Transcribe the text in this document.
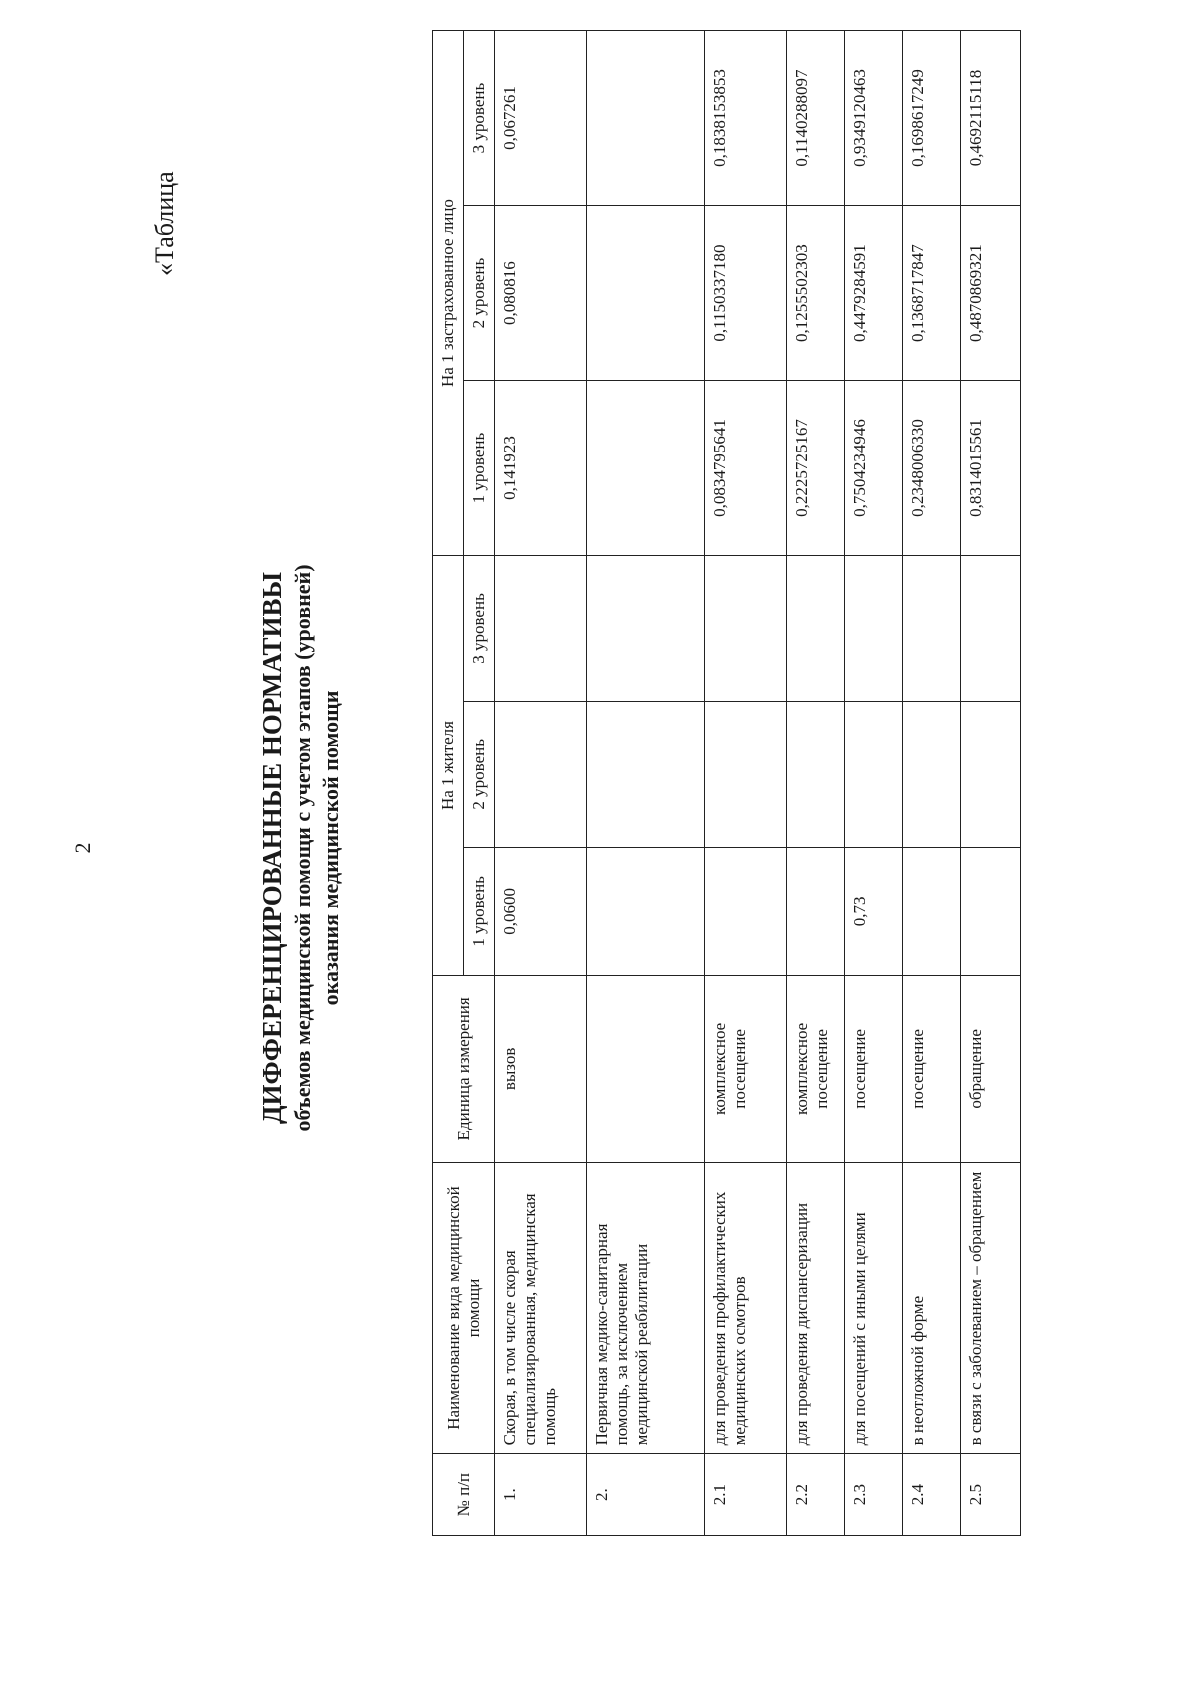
2
«Таблица
ДИФФЕРЕНЦИРОВАННЫЕ НОРМАТИВЫ объемов медицинской помощи с учетом этапов (уровней) оказания медицинской помощи
№ п/п	Наименование вида медицинской помощи	Единица измерения	На 1 жителя			На 1 застрахованное лицо		
			1 уровень	2 уровень	3 уровень	1 уровень	2 уровень	3 уровень
1.	Скорая, в том числе скорая специализированная, медицинская помощь	вызов	0,0600			0,141923	0,080816	0,067261
2.	Первичная медико-санитарная помощь, за исключением медицинской реабилитации							
2.1	для проведения профилактических медицинских осмотров	комплексное посещение				0,0834795641	0,1150337180	0,1838153853
2.2	для проведения диспансеризации	комплексное посещение				0,2225725167	0,1255502303	0,1140288097
2.3	для посещений с иными целями	посещение	0,73			0,7504234946	0,4479284591	0,9349120463
2.4	в неотложной форме	посещение				0,2348006330	0,1368717847	0,1698617249
2.5	в связи с заболеванием – обращением	обращение				0,8314015561	0,4870869321	0,4692115118
